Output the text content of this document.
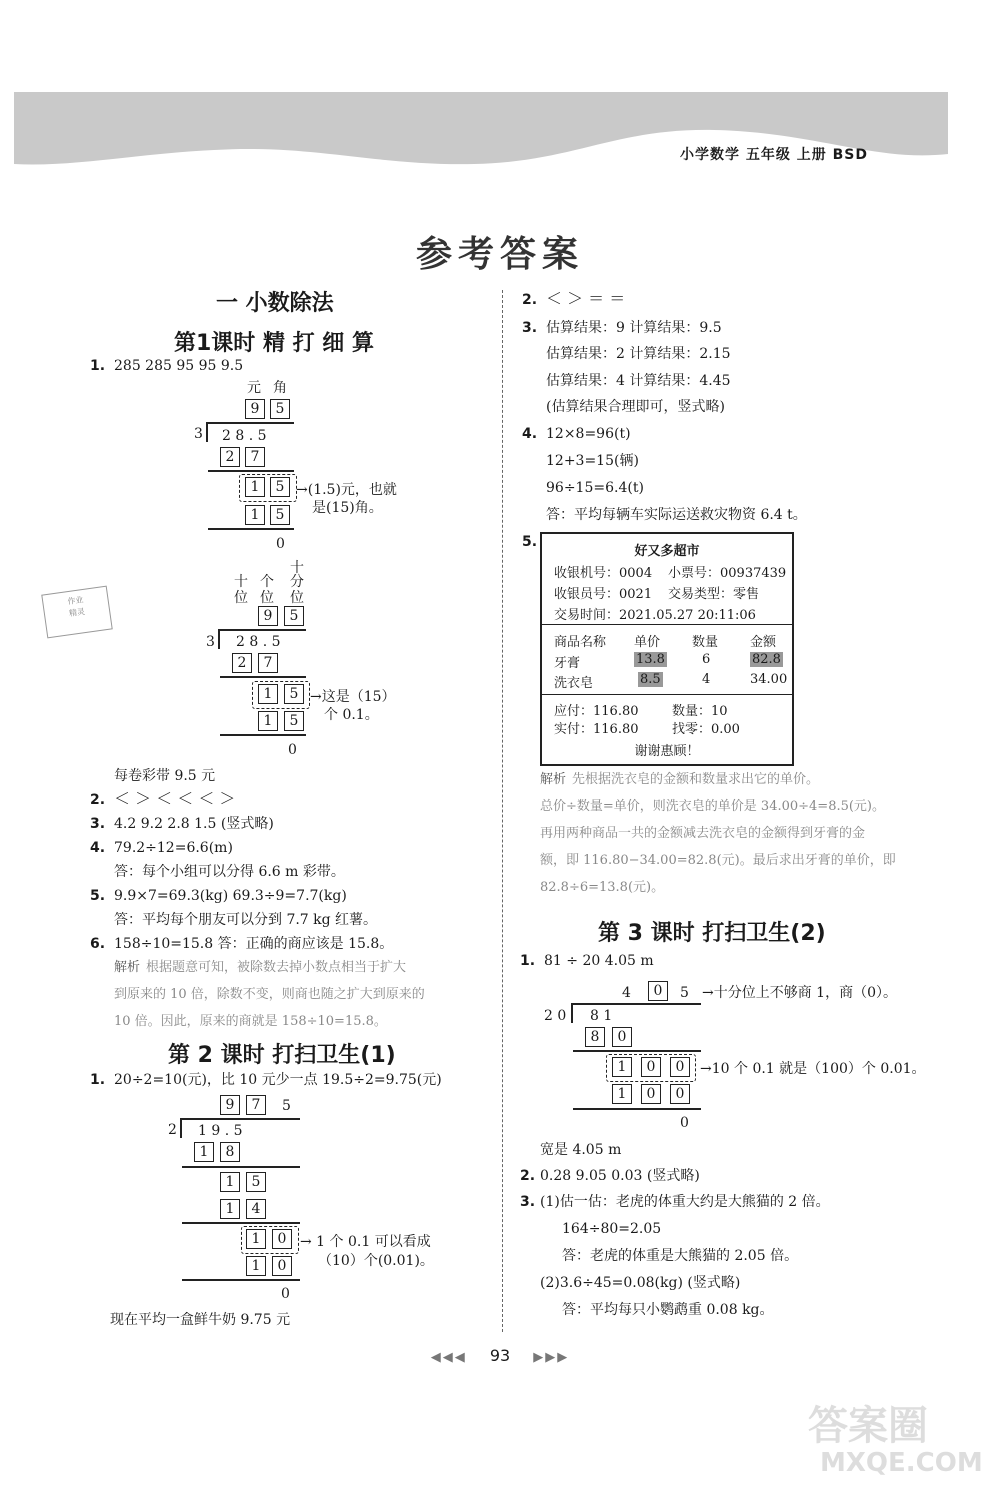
小学数学 五年级 上册 BSD
参考答案
一 小数除法
第1课时 精 打 细 算
1. 285 285 95 95 9.5
元 角
9	5
3 2 8 . 5
2	7
1	5 →(1.5)元，也就
是(15)角。
1	5
0
作业
精灵
十
十 个 分
位 位 位
9	5
3 2 8 . 5
2	7
1	5 →这是（15）
个 0.1。
1	5
0
每卷彩带 9.5 元
2. ＜ ＞ ＜ ＜ ＜ ＞
3. 4.2 9.2 2.8 1.5 (竖式略)
4. 79.2÷12=6.6(m)
答：每个小组可以分得 6.6 m 彩带。
5. 9.9×7=69.3(kg) 69.3÷9=7.7(kg)
答：平均每个朋友可以分到 7.7 kg 红薯。
6. 158÷10=15.8 答：正确的商应该是 15.8。
解析 根据题意可知，被除数去掉小数点相当于扩大
到原来的 10 倍，除数不变，则商也随之扩大到原来的
10 倍。因此，原来的商就是 158÷10=15.8。
第 2 课时 打扫卫生(1)
1. 20÷2=10(元)，比 10 元少一点 19.5÷2=9.75(元)
9	7	5
2 1 9 . 5
1	8
1	5
1	4
1	0 → 1 个 0.1 可以看成
（10）个(0.01)。
1	0
0
现在平均一盒鲜牛奶 9.75 元
2. ＜ ＞ ＝ ＝
3. 估算结果：9 计算结果：9.5
估算结果：2 计算结果：2.15
估算结果：4 计算结果：4.45
(估算结果合理即可，竖式略)
4. 12×8=96(t)
12+3=15(辆)
96÷15=6.4(t)
答：平均每辆车实际运送救灾物资 6.4 t。
5.
好又多超市
收银机号：0004 小票号：00937439
收银员号：0021 交易类型：零售
交易时间：2021.05.27 20:11:06
商品名称 单价 数量 金额
牙膏	13.8	6	82.8
洗衣皂	8.5	4	34.00
应付：116.80	数量：10
实付：116.80	找零：0.00
谢谢惠顾！
解析 先根据洗衣皂的金额和数量求出它的单价。
总价÷数量=单价，则洗衣皂的单价是 34.00÷4=8.5(元)。
再用两种商品一共的金额减去洗衣皂的金额得到牙膏的金
额，即 116.80−34.00=82.8(元)。最后求出牙膏的单价，即
82.8÷6=13.8(元)。
第 3 课时 打扫卫生(2)
1. 81 ÷ 20 4.05 m
4	0	5 →十分位上不够商 1，商（0）。
2 0 8 1
8	0
1	0	0	→10 个 0.1 就是（100）个 0.01。
1	0	0
0
宽是 4.05 m
2. 0.28 9.05 0.03 (竖式略)
3. (1)估一估：老虎的体重大约是大熊猫的 2 倍。
164÷80=2.05
答：老虎的体重是大熊猫的 2.05 倍。
(2)3.6÷45=0.08(kg) (竖式略)
答：平均每只小鹦鹉重 0.08 kg。
◀◀◀ 93 ▶▶▶
答案圈
MXQE.COM
